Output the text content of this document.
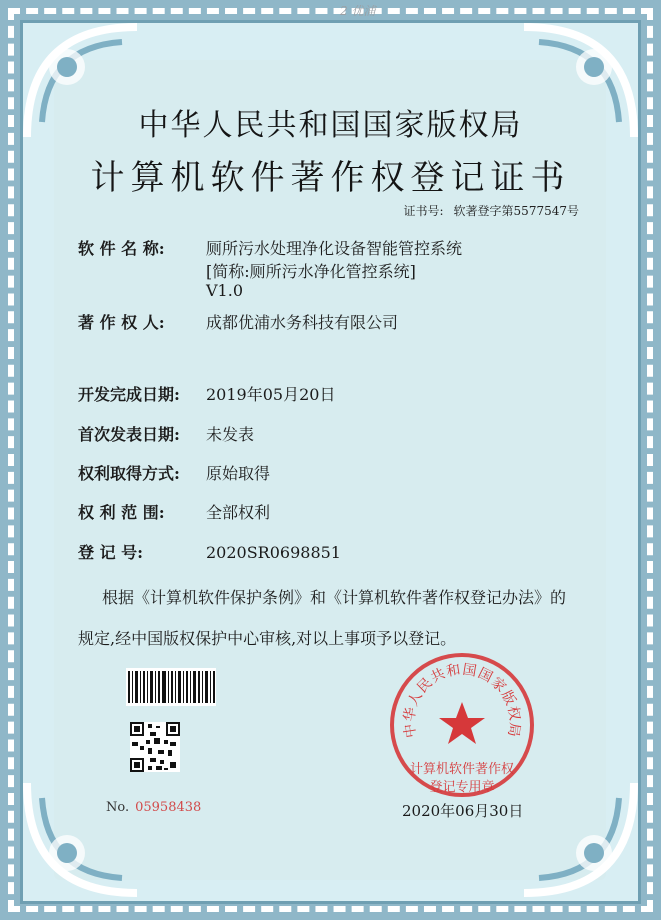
2 优浦
中华人民共和国国家版权局
计算机软件著作权登记证书
证书号: 软著登字第5577547号
软 件 名 称:	厕所污水处理净化设备智能管控系统
[简称:厕所污水净化管控系统]
V1.0
著 作 权 人:	成都优浦水务科技有限公司
开发完成日期: 2019年05月20日
首次发表日期: 未发表
权利取得方式: 原始取得
权 利 范 围:	全部权利
登 记 号:	2020SR0698851
根据《计算机软件保护条例》和《计算机软件著作权登记办法》的
规定,经中国版权保护中心审核,对以上事项予以登记。
No. 05958438
中华人民共和国国家版权局
计算机软件著作权
登记专用章
2020年06月30日
